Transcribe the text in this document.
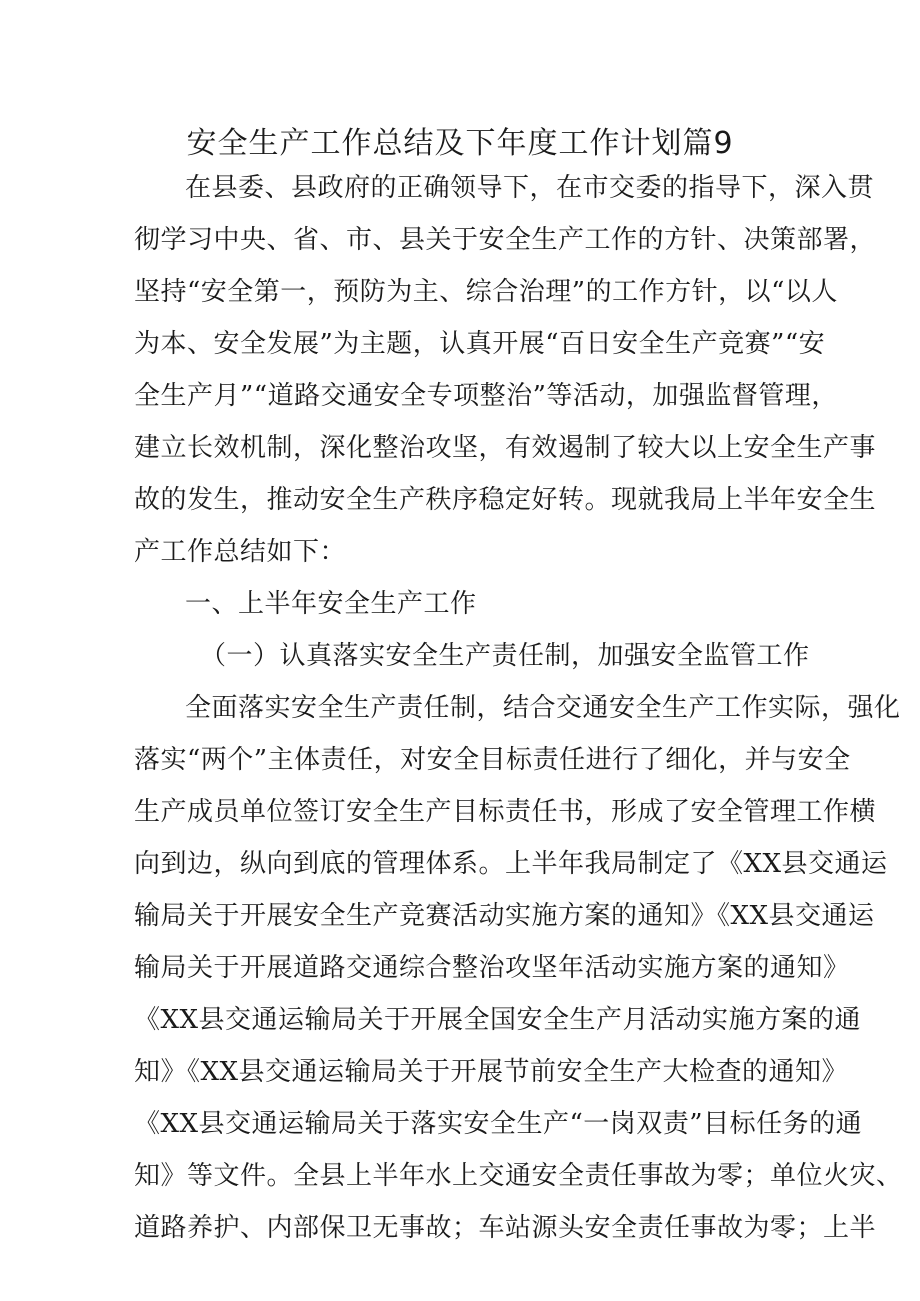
安全生产工作总结及下年度工作计划篇9
在县委、县政府的正确领导下，在市交委的指导下，深入贯
彻学习中央、省、市、县关于安全生产工作的方针、决策部署，
坚持“安全第一，预防为主、综合治理”的工作方针，以“以人
为本、安全发展”为主题，认真开展“百日安全生产竞赛”“安
全生产月”“道路交通安全专项整治”等活动，加强监督管理，
建立长效机制，深化整治攻坚，有效遏制了较大以上安全生产事
故的发生，推动安全生产秩序稳定好转。现就我局上半年安全生
产工作总结如下：
一、上半年安全生产工作
（一）认真落实安全生产责任制，加强安全监管工作
全面落实安全生产责任制，结合交通安全生产工作实际，强化
落实“两个”主体责任，对安全目标责任进行了细化，并与安全
生产成员单位签订安全生产目标责任书，形成了安全管理工作横
向到边，纵向到底的管理体系。上半年我局制定了《XX县交通运
输局关于开展安全生产竞赛活动实施方案的通知》《XX县交通运
输局关于开展道路交通综合整治攻坚年活动实施方案的通知》
《XX县交通运输局关于开展全国安全生产月活动实施方案的通
知》《XX县交通运输局关于开展节前安全生产大检查的通知》
《XX县交通运输局关于落实安全生产“一岗双责”目标任务的通
知》等文件。全县上半年水上交通安全责任事故为零；单位火灾、
道路养护、内部保卫无事故；车站源头安全责任事故为零；上半
